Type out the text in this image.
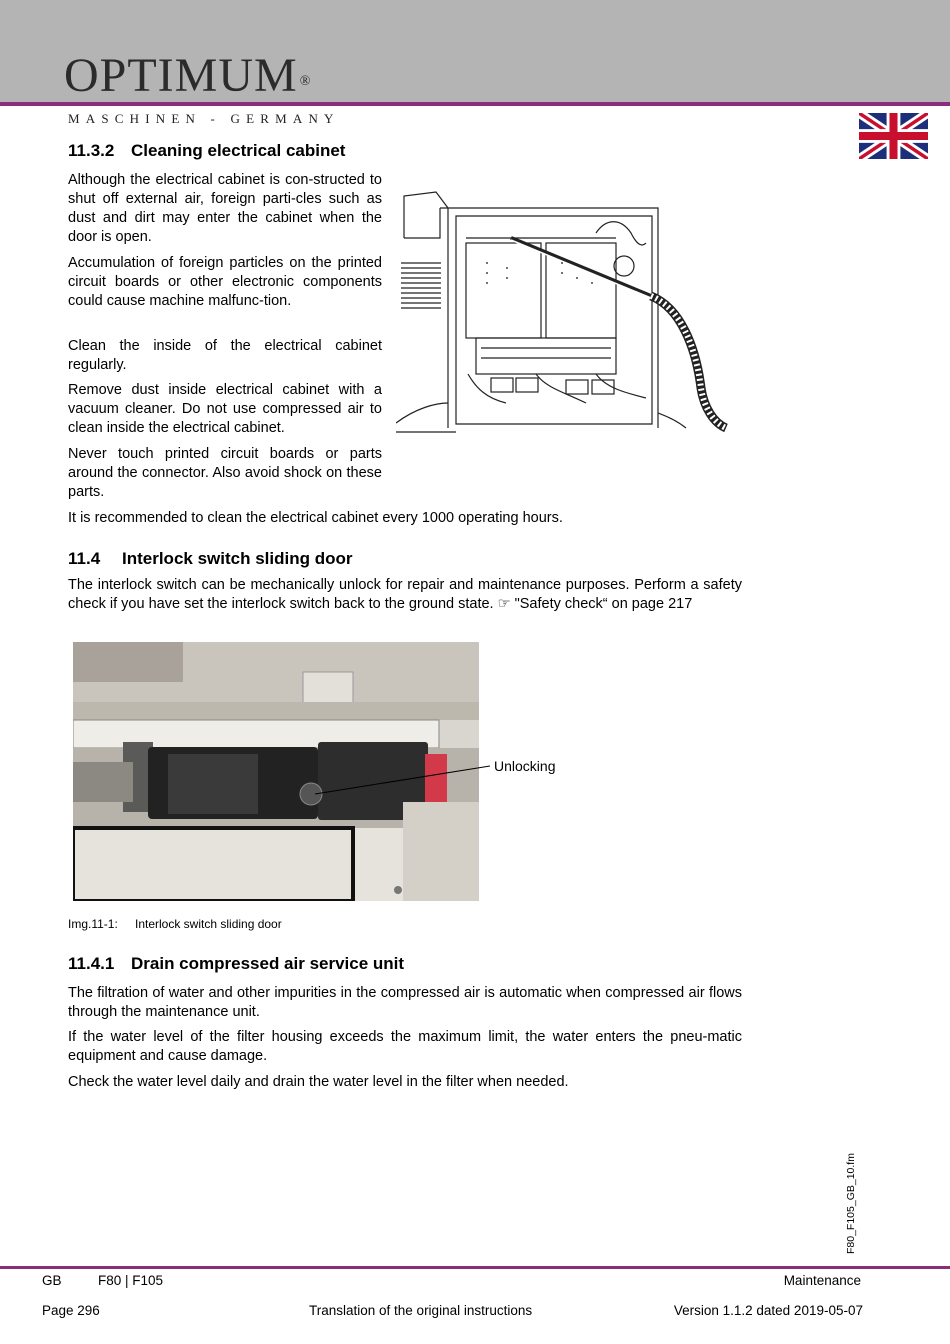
OPTIMUM ®
MASCHINEN - GERMANY
11.3.2 Cleaning electrical cabinet

Although the electrical cabinet is con-structed to shut off external air, foreign parti-cles such as dust and dirt may enter the cabinet when the door is open.

Accumulation of foreign particles on the printed circuit boards or other electronic components could cause machine malfunc-tion.

Clean the inside of the electrical cabinet regularly.

Remove dust inside electrical cabinet with a vacuum cleaner. Do not use compressed air to clean inside the electrical cabinet.

Never touch printed circuit boards or parts around the connector. Also avoid shock on these parts.

It is recommended to clean the electrical cabinet every 1000 operating hours.

11.4 Interlock switch sliding door

The interlock switch can be mechanically unlock for repair and maintenance purposes. Perform a safety check if you have set the interlock switch back to the ground state. ☞ "Safety check“ on page 217

Unlocking
Img.11-1: Interlock switch sliding door
11.4.1 Drain compressed air service unit

The filtration of water and other impurities in the compressed air is automatic when compressed air flows through the maintenance unit.

If the water level of the filter housing exceeds the maximum limit, the water enters the pneu-matic equipment and cause damage.

Check the water level daily and drain the water level in the filter when needed.

F80_F105_GB_10.fm
GB	F80 | F105	Maintenance
Page 296	Translation of the original instructions	Version 1.1.2 dated 2019-05-07
